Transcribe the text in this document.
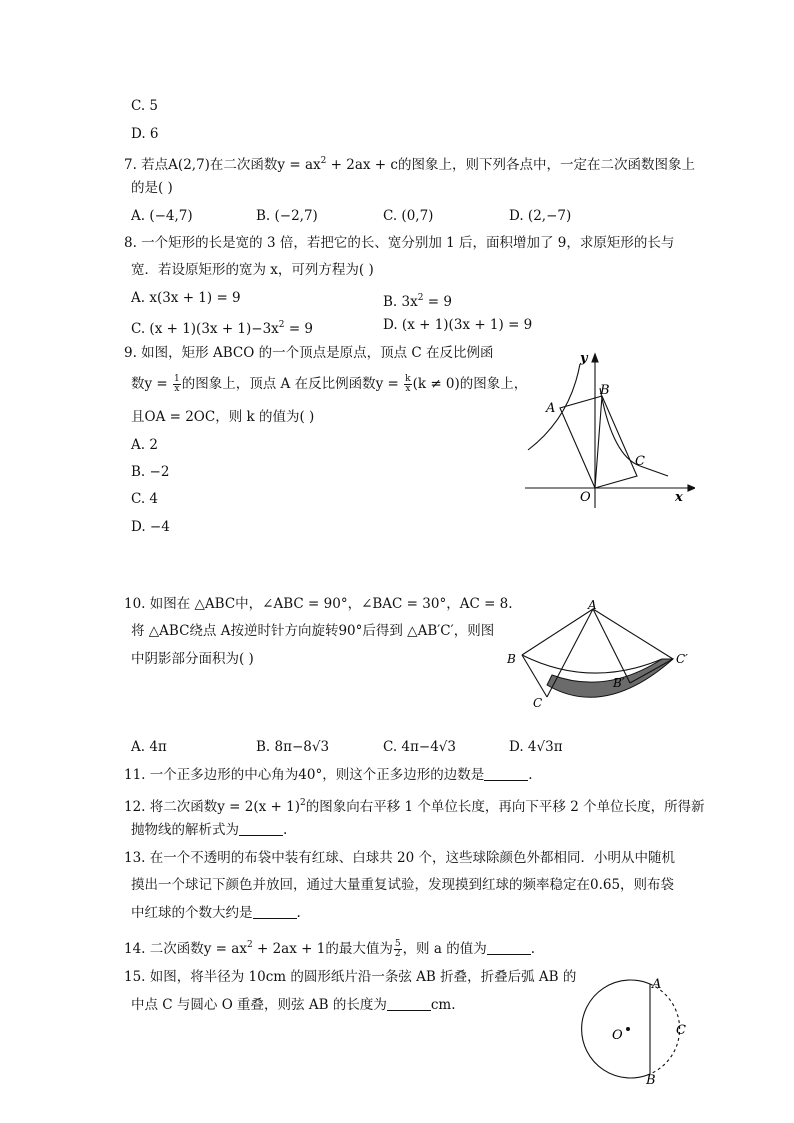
C. 5
D. 6
7. 若点A(2,7)在二次函数$y = ax^2 + 2ax + c$的图象上，则下列各点中，一定在二次函数图象上
的是( )
A. (−4,7)	B. (−2,7)	C. (0,7)	D. (2,−7)
8. 一个矩形的长是宽的 3 倍，若把它的长、宽分别加 1 后，面积增加了 9，求原矩形的长与
宽．若设原矩形的宽为 x，可列方程为( )
A. x(3x + 1) = 9	B. $3x^2 = 9$
C. $(x + 1)(3x + 1)-3x^2 = 9$	D. (x + 1)(3x + 1) = 9
9. 如图，矩形 ABCO 的一个顶点是原点，顶点 C 在反比例函
数$y = \frac{1}{x}$ 的图象上，顶点 A 在反比例函数$y = \frac{k}{x} (k \ne 0)$的图象上，
且OA = 2OC，则 k 的值为( )
A. 2
B. −2
C. 4
D. −4
y
x
O
A
B
C
10. 如图在 △ABC中，∠ABC = 90°，∠BAC = 30°，AC = 8.
将 △ABC绕点 A按逆时针方向旋转90°后得到 △AB′C′，则图
中阴影部分面积为( )
A
B
C
B′
C′
A. 4π	B. 8π−8√3	C. 4π−4√3	D. 4√3π
11. 一个正多边形的中心角为40°，则这个正多边形的边数是	.
12. 将二次函数$y = 2(x + 1)^2$的图象向右平移 1 个单位长度，再向下平移 2 个单位长度，所得新
抛物线的解析式为	.
13. 在一个不透明的布袋中装有红球、白球共 20 个，这些球除颜色外都相同．小明从中随机
摸出一个球记下颜色并放回，通过大量重复试验，发现摸到红球的频率稳定在0.65，则布袋
中红球的个数大约是	.
14. 二次函数$y = ax^2 + 2ax + 1$的最大值为 $\frac{5}{2}$ ，则 a 的值为	.
15. 如图，将半径为 10cm 的圆形纸片沿一条弦 AB 折叠，折叠后弧 AB 的
中点 C 与圆心 O 重叠，则弦 AB 的长度为	cm.
A
B
C
O
